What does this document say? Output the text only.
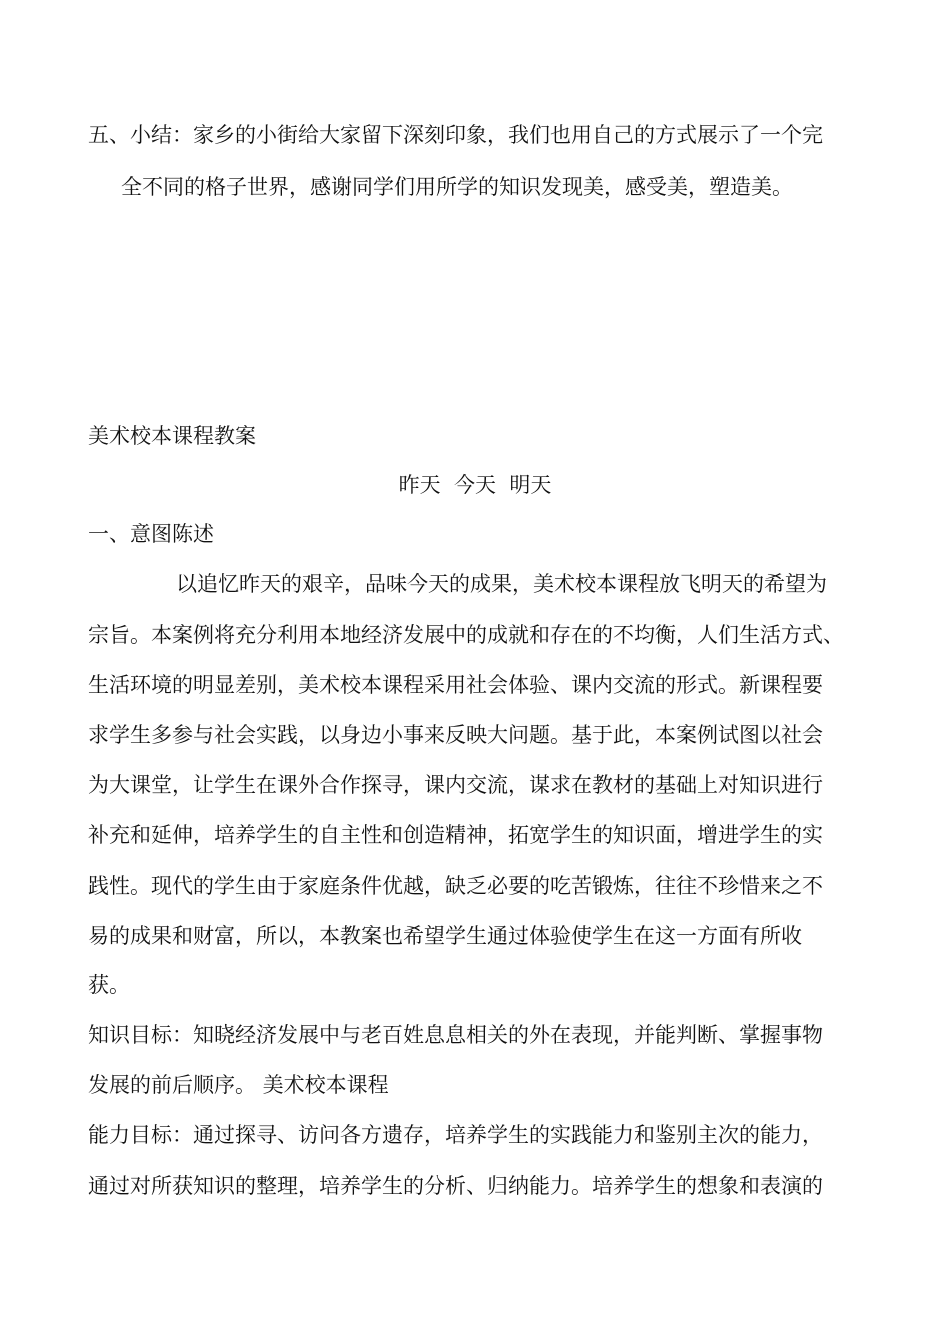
五、小结：家乡的小街给大家留下深刻印象，我们也用自己的方式展示了一个完
全不同的格子世界，感谢同学们用所学的知识发现美，感受美，塑造美。
美术校本课程教案
昨天  今天  明天
一、意图陈述
以追忆昨天的艰辛，品味今天的成果，美术校本课程放飞明天的希望为
宗旨。本案例将充分利用本地经济发展中的成就和存在的不均衡，人们生活方式、
生活环境的明显差别，美术校本课程采用社会体验、课内交流的形式。新课程要
求学生多参与社会实践，以身边小事来反映大问题。基于此，本案例试图以社会
为大课堂，让学生在课外合作探寻，课内交流，谋求在教材的基础上对知识进行
补充和延伸，培养学生的自主性和创造精神，拓宽学生的知识面，增进学生的实
践性。现代的学生由于家庭条件优越，缺乏必要的吃苦锻炼，往往不珍惜来之不
易的成果和财富，所以，本教案也希望学生通过体验使学生在这一方面有所收
获。
知识目标：知晓经济发展中与老百姓息息相关的外在表现，并能判断、掌握事物
发展的前后顺序。 美术校本课程
能力目标：通过探寻、访问各方遗存，培养学生的实践能力和鉴别主次的能力，
通过对所获知识的整理，培养学生的分析、归纳能力。培养学生的想象和表演的
